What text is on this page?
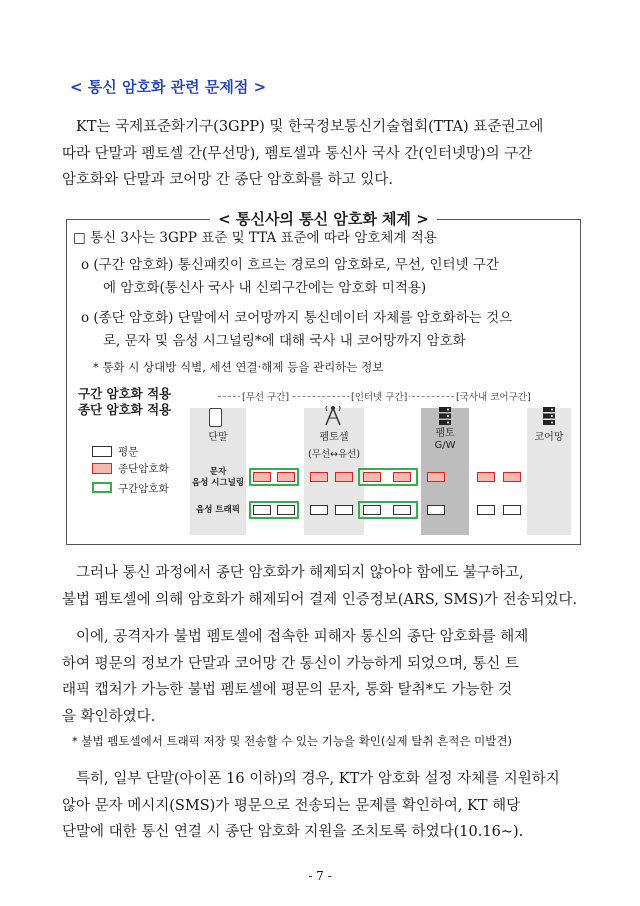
< 통신 암호화 관련 문제점 >
KT는 국제표준화기구(3GPP) 및 한국정보통신기술협회(TTA) 표준권고에
따라 단말과 펨토셀 간(무선망), 펨토셀과 통신사 국사 간(인터넷망)의 구간
암호화와 단말과 코어망 간 종단 암호화를 하고 있다.
< 통신사의 통신 암호화 체계 >
□ 통신 3사는 3GPP 표준 및 TTA 표준에 따라 암호체계 적용
o (구간 암호화) 통신패킷이 흐르는 경로의 암호화로, 무선, 인터넷 구간
에 암호화(통신사 국사 내 신뢰구간에는 암호화 미적용)
o (종단 암호화) 단말에서 코어망까지 통신데이터 자체를 암호화하는 것으
로, 문자 및 음성 시그널링*에 대해 국사 내 코어망까지 암호화
* 통화 시 상대방 식별, 세션 연결·해제 등을 관리하는 정보
구간 암호화 적용
종단 암호화 적용
[무선 구간]	[인터넷 구간]	[국사내 코어구간]
단말	펨토셀
(무선↔유선)
펨토
G/W
코어망
평문
종단암호화
구간암호화
문자
음성 시그널링
음성 트래픽
그러나 통신 과정에서 종단 암호화가 해제되지 않아야 함에도 불구하고,
불법 펨토셀에 의해 암호화가 해제되어 결제 인증정보(ARS, SMS)가 전송되었다.
이에, 공격자가 불법 펨토셀에 접속한 피해자 통신의 종단 암호화를 해제
하여 평문의 정보가 단말과 코어망 간 통신이 가능하게 되었으며, 통신 트
래픽 캡처가 가능한 불법 펨토셀에 평문의 문자, 통화 탈취*도 가능한 것
을 확인하였다.
* 불법 펨토셀에서 트래픽 저장 및 전송할 수 있는 기능을 확인(실제 탈취 흔적은 미발견)
특히, 일부 단말(아이폰 16 이하)의 경우, KT가 암호화 설정 자체를 지원하지
않아 문자 메시지(SMS)가 평문으로 전송되는 문제를 확인하여, KT 해당
단말에 대한 통신 연결 시 종단 암호화 지원을 조치토록 하였다(10.16~).
- 7 -
